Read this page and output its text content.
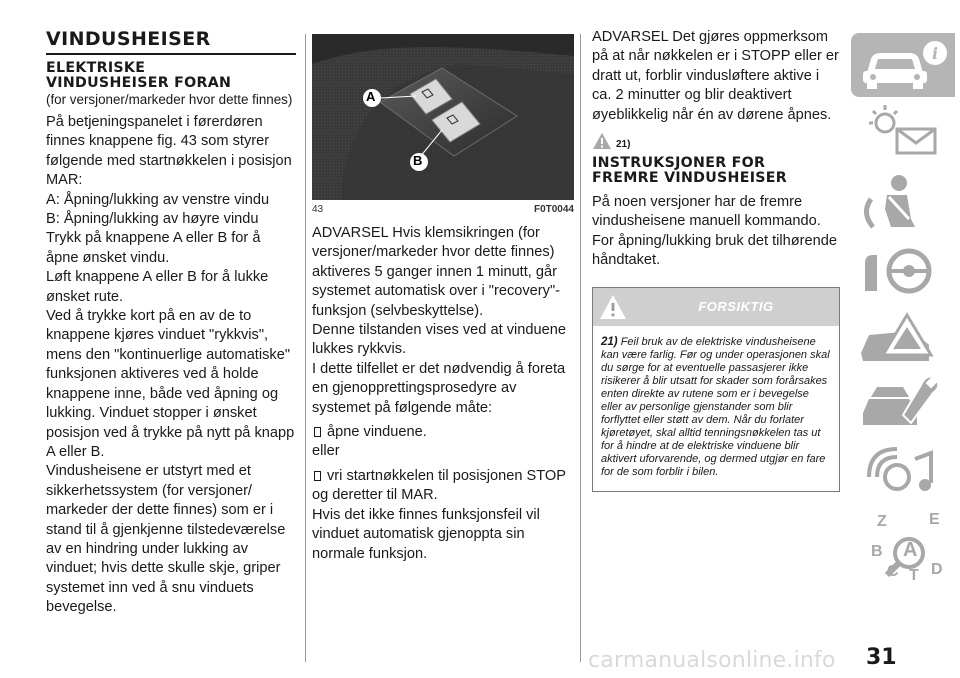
VINDUSHEISER
ELEKTRISKE
VINDUSHEISER FORAN
(for versjoner/markeder hvor dette finnes)

På betjeningspanelet i førerdøren finnes knappene fig. 43 som styrer følgende med startnøkkelen i posisjon MAR:

A: Åpning/lukking av venstre vindu

B: Åpning/lukking av høyre vindu

Trykk på knappene A eller B for å åpne ønsket vindu.

Løft knappene A eller B for å lukke ønsket rute.

Ved å trykke kort på en av de to knappene kjøres vinduet "rykkvis", mens den "kontinuerlige automatiske" funksjonen aktiveres ved å holde knappene inne, både ved åpning og lukking. Vinduet stopper i ønsket posisjon ved å trykke på nytt på knapp A eller B.

Vindusheisene er utstyrt med et sikkerhetssystem (for versjoner/ markeder der dette finnes) som er i stand til å gjenkjenne tilstedeværelse av en hindring under lukking av vinduet; hvis dette skulle skje, griper systemet inn ved å snu vinduets bevegelse.

A
B
43	F0T0044

ADVARSEL Hvis klemsikringen (for versjoner/markeder hvor dette finnes) aktiveres 5 ganger innen 1 minutt, går systemet automatisk over i "recovery"-funksjon (selvbeskyttelse).

Denne tilstanden vises ved at vinduene lukkes rykkvis.

I dette tilfellet er det nødvendig å foreta en gjenopprettingsprosedyre av systemet på følgende måte:

åpne vinduene.

eller

vri startnøkkelen til posisjonen STOP og deretter til MAR.

Hvis det ikke finnes funksjonsfeil vil vinduet automatisk gjenoppta sin normale funksjon.

ADVARSEL Det gjøres oppmerksom på at når nøkkelen er i STOPP eller er dratt ut, forblir vindusløftere aktive i ca. 2 minutter og blir deaktivert øyeblikkelig når én av dørene åpnes.

21)
INSTRUKSJONER FOR
FREMRE VINDUSHEISER

På noen versjoner har de fremre vindusheisene manuell kommando.

For åpning/lukking bruk det tilhørende håndtaket.

FORSIKTIG
21) Feil bruk av de elektriske vindusheisene kan være farlig. Før og under operasjonen skal du sørge for at eventuelle passasjerer ikke risikerer å blir utsatt for skader som forårsakes enten direkte av rutene som er i bevegelse eller av personlige gjenstander som blir forflyttet eller støtt av dem. Når du forlater kjøretøyet, skal alltid tenningsnøkkelen tas ut for å hindre at de elektriske vinduene blir aktivert uforvarende, og dermed utgjør en fare for de som forblir i bilen.
i
Z	E
A
B
C D
T
carmanualsonline.info 31
